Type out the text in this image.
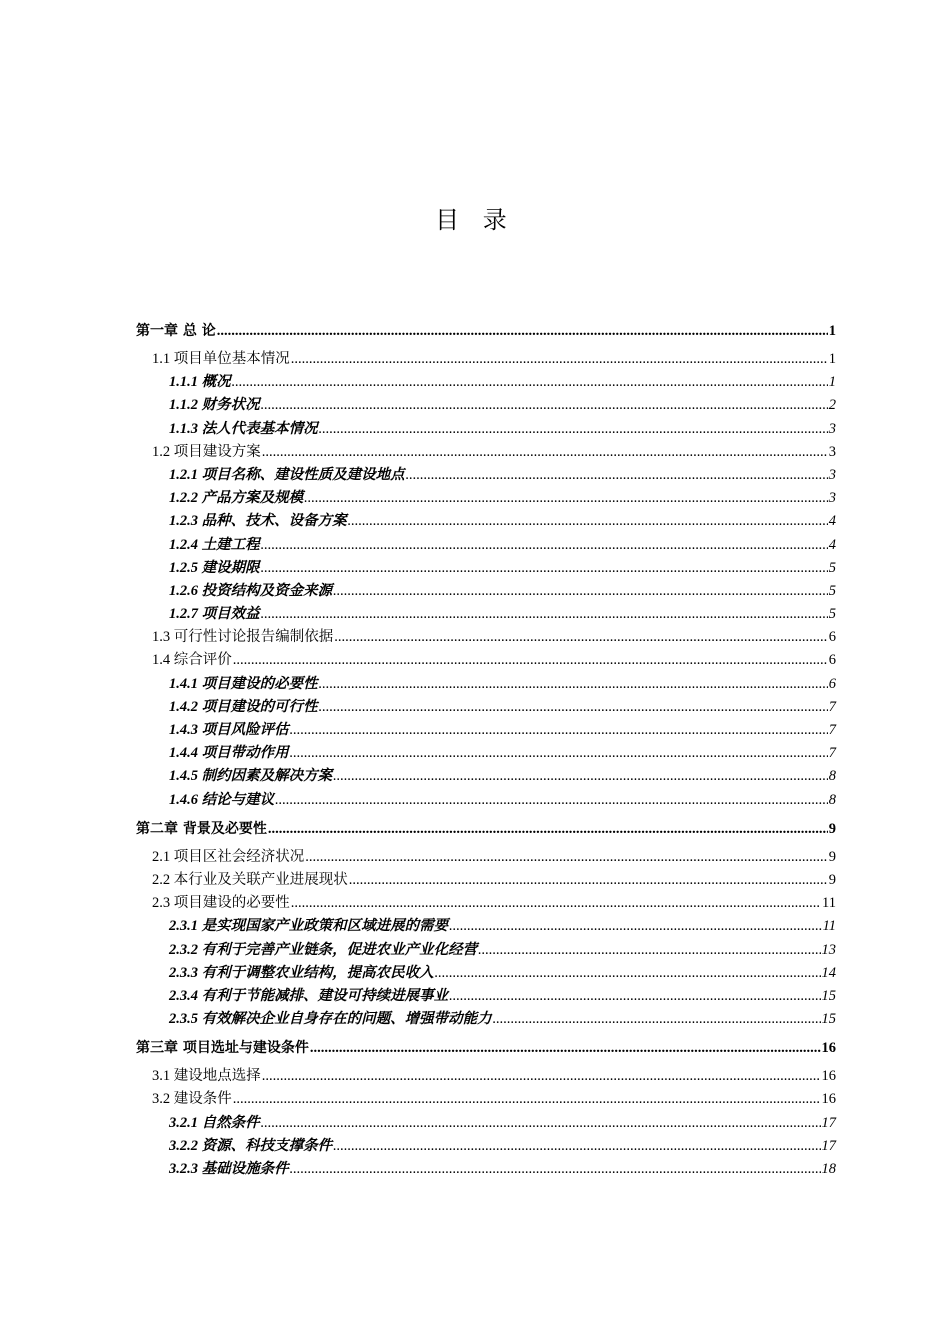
目 录
第一章 总 论 .....	1
1.1 项目单位基本情况 .....	1
1.1.1 概况 .....	1
1.1.2 财务状况 .....	2
1.1.3 法人代表基本情况 .....	3
1.2 项目建设方案 .....	3
1.2.1 项目名称、建设性质及建设地点 .....	3
1.2.2 产品方案及规模 .....	3
1.2.3 品种、技术、设备方案 .....	4
1.2.4 土建工程 .....	4
1.2.5 建设期限 .....	5
1.2.6 投资结构及资金来源 .....	5
1.2.7 项目效益 .....	5
1.3 可行性讨论报告编制依据 .....	6
1.4 综合评价 .....	6
1.4.1 项目建设的必要性 .....	6
1.4.2 项目建设的可行性 .....	7
1.4.3 项目风险评估 .....	7
1.4.4 项目带动作用 .....	7
1.4.5 制约因素及解决方案 .....	8
1.4.6 结论与建议 .....	8
第二章 背景及必要性 .....	9
2.1 项目区社会经济状况 .....	9
2.2 本行业及关联产业进展现状 .....	9
2.3 项目建设的必要性 .....	11
2.3.1 是实现国家产业政策和区域进展的需要 .....	11
2.3.2 有利于完善产业链条，促进农业产业化经营 .....	13
2.3.3 有利于调整农业结构，提高农民收入 .....	14
2.3.4 有利于节能减排、建设可持续进展事业 .....	15
2.3.5 有效解决企业自身存在的问题、增强带动能力 .....	15
第三章 项目选址与建设条件 .....	16
3.1 建设地点选择 .....	16
3.2 建设条件 .....	16
3.2.1 自然条件 .....	17
3.2.2 资源、科技支撑条件 .....	17
3.2.3 基础设施条件 .....	18
